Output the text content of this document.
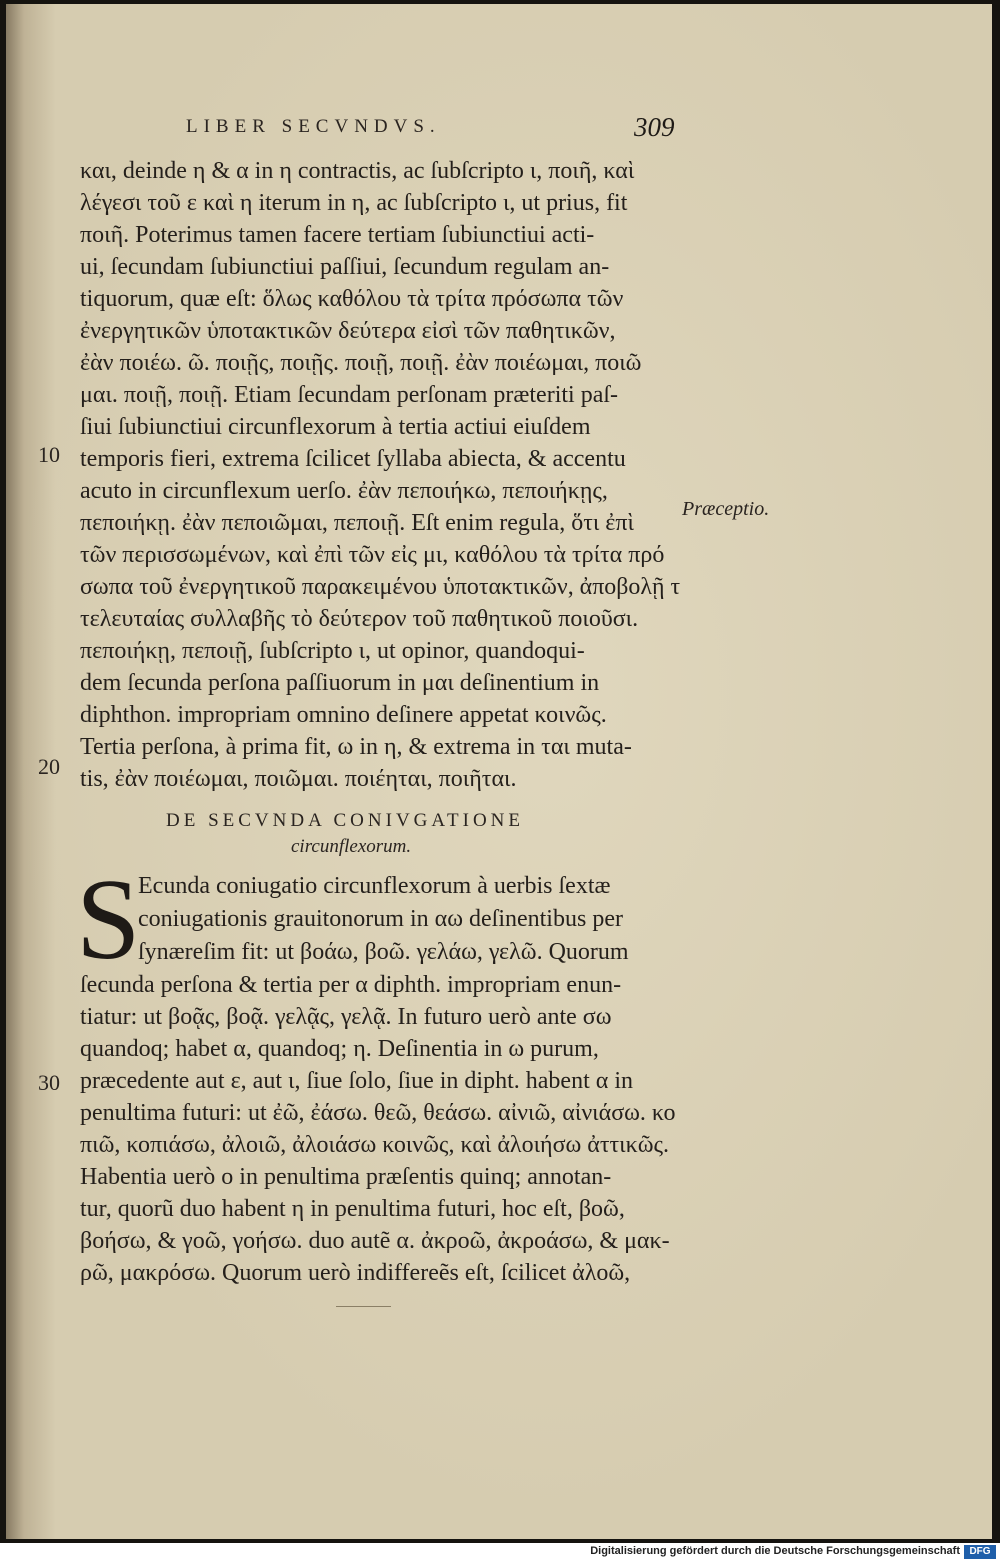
LIBER SECVNDVS.	309
και, deinde η & α in η contractis, ac ſubſcripto ι, ποιῆ, καὶ
λέγεσι τοῦ ε καὶ η iterum in η, ac ſubſcripto ι, ut prius, fit
ποιῆ. Poterimus tamen facere tertiam ſubiunctiui acti-
ui, ſecundam ſubiunctiui paſſiui, ſecundum regulam an-
tiquorum, quæ eſt: ὅλως καθόλου τὰ τρίτα πρόσωπα τῶν
ἐνεργητικῶν ὑποτακτικῶν δεύτερα εἰσὶ τῶν παθητικῶν,
ἐὰν ποιέω. ῶ. ποιῇς, ποιῇς. ποιῇ, ποιῇ. ἐὰν ποιέωμαι, ποιῶ
μαι. ποιῇ, ποιῇ. Etiam ſecundam perſonam præteriti paſ-
ſiui ſubiunctiui circunflexorum à tertia actiui eiuſdem
temporis fieri, extrema ſcilicet ſyllaba abiecta, & accentu
acuto in circunflexum uerſo. ἐὰν πεποιήκω, πεποιήκῃς,
πεποιήκῃ. ἐὰν πεποιῶμαι, πεποιῇ. Eſt enim regula, ὅτι ἐπὶ
τῶν περισσωμένων, καὶ ἐπὶ τῶν εἰς μι, καθόλου τὰ τρίτα πρό
σωπα τοῦ ἐνεργητικοῦ παρακειμένου ὑποτακτικῶν, ἀποβολῇ τ
τελευταίας συλλαβῆς τὸ δεύτερον τοῦ παθητικοῦ ποιοῦσι.
πεποιήκῃ, πεποιῇ, ſubſcripto ι, ut opinor, quandoqui-
dem ſecunda perſona paſſiuorum in μαι deſinentium in
diphthon. impropriam omnino deſinere appetat κοινῶς.
Tertia perſona, à prima fit, ω in η, & extrema in ται muta-
tis, ἐὰν ποιέωμαι, ποιῶμαι. ποιέηται, ποιῆται.
10
20
30
Præceptio.
DE SECVNDA CONIVGATIONE
circunflexorum.
S
Ecunda coniugatio circunflexorum à uerbis ſextæ
coniugationis grauitonorum in αω deſinentibus per
ſynæreſim fit: ut βοάω, βοῶ. γελάω, γελῶ. Quorum
ſecunda perſona & tertia per α diphth. impropriam enun-
tiatur: ut βοᾷς, βοᾷ. γελᾷς, γελᾷ. In futuro uerò ante σω
quandoq; habet α, quandoq; η. Deſinentia in ω purum,
præcedente aut ε, aut ι, ſiue ſolo, ſiue in dipht. habent α in
penultima futuri: ut ἐῶ, ἐάσω. θεῶ, θεάσω. αἰνιῶ, αἰνιάσω. κο
πιῶ, κοπιάσω, ἀλοιῶ, ἀλοιάσω κοινῶς, καὶ ἀλοιήσω ἀττικῶς.
Habentia uerò ο in penultima præſentis quinq; annotan-
tur, quorũ duo habent η in penultima futuri, hoc eſt, βοῶ,
βοήσω, & γοῶ, γοήσω. duo autẽ α. ἀκροῶ, ἀκροάσω, & μακ-
ρῶ, μακρόσω. Quorum uerò indiffereẽs eſt, ſcilicet ἀλοῶ,
Digitalisierung gefördert durch die Deutsche Forschungsgemeinschaft DFG
